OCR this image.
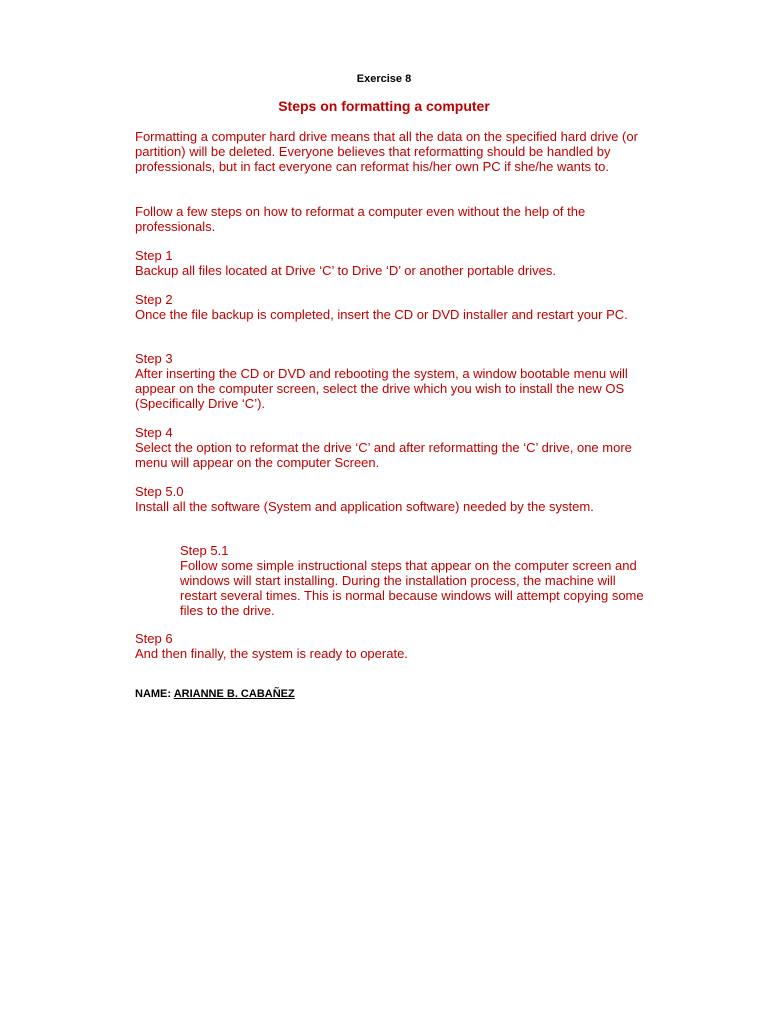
Exercise 8
Steps on formatting a computer

Formatting a computer hard drive means that all the data on the specified hard drive (or partition) will be deleted. Everyone believes that reformatting should be handled by professionals, but in fact everyone can reformat his/her own PC if she/he wants to.

Follow a few steps on how to reformat a computer even without the help of the professionals.

Step 1
Backup all files located at Drive ‘C’ to Drive ‘D’ or another portable drives.
Step 2
Once the file backup is completed, insert the CD or DVD installer and restart your PC.
Step 3
After inserting the CD or DVD and rebooting the system, a window bootable menu will appear on the computer screen, select the drive which you wish to install the new OS (Specifically Drive ‘C’).
Step 4
Select the option to reformat the drive ‘C’ and after reformatting the ‘C’ drive, one more menu will appear on the computer Screen.
Step 5.0
Install all the software (System and application software) needed by the system.
Step 5.1
Follow some simple instructional steps that appear on the computer screen and windows will start installing. During the installation process, the machine will restart several times. This is normal because windows will attempt copying some files to the drive.
Step 6
And then finally, the system is ready to operate.
NAME: ARIANNE B. CABAÑEZ
